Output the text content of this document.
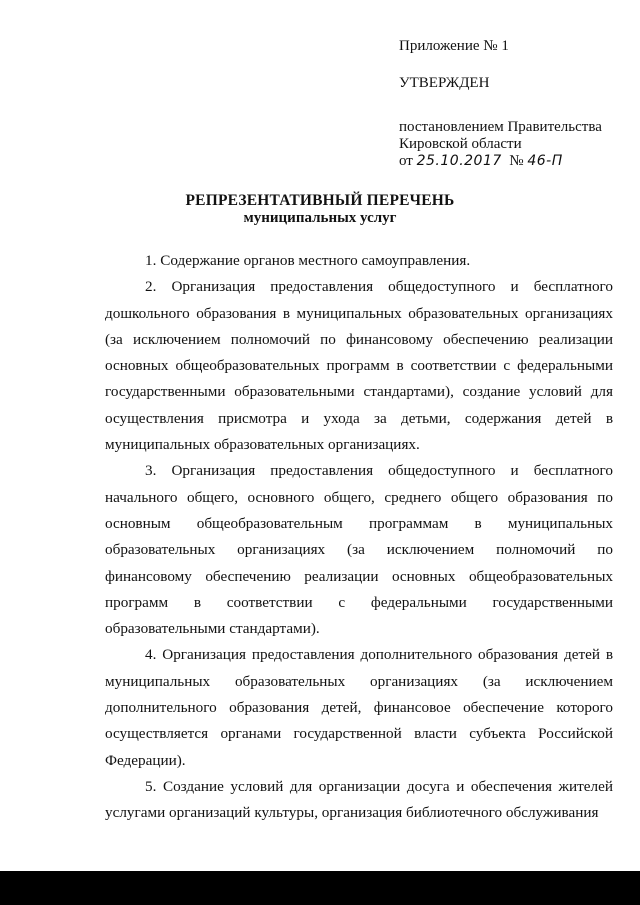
Приложение № 1

УТВЕРЖДЕН

постановлением Правительства
Кировской области
от 25.10.2017 № 46-П

РЕПРЕЗЕНТАТИВНЫЙ ПЕРЕЧЕНЬ
муниципальных услуг

1. Содержание органов местного самоуправления.

2. Организация предоставления общедоступного и бесплатного дошкольного образования в муниципальных образовательных организациях (за исключением полномочий по финансовому обеспечению реализации основных общеобразовательных программ в соответствии с федеральными государственными образовательными стандартами), создание условий для осуществления присмотра и ухода за детьми, содержания детей в муниципальных образовательных организациях.

3. Организация предоставления общедоступного и бесплатного начального общего, основного общего, среднего общего образования по основным общеобразовательным программам в муниципальных образовательных организациях (за исключением полномочий по финансовому обеспечению реализации основных общеобразовательных программ в соответствии с федеральными государственными образовательными стандартами).

4. Организация предоставления дополнительного образования детей в муниципальных образовательных организациях (за исключением дополнительного образования детей, финансовое обеспечение которого осуществляется органами государственной власти субъекта Российской Федерации).

5. Создание условий для организации досуга и обеспечения жителей услугами организаций культуры, организация библиотечного обслуживания
